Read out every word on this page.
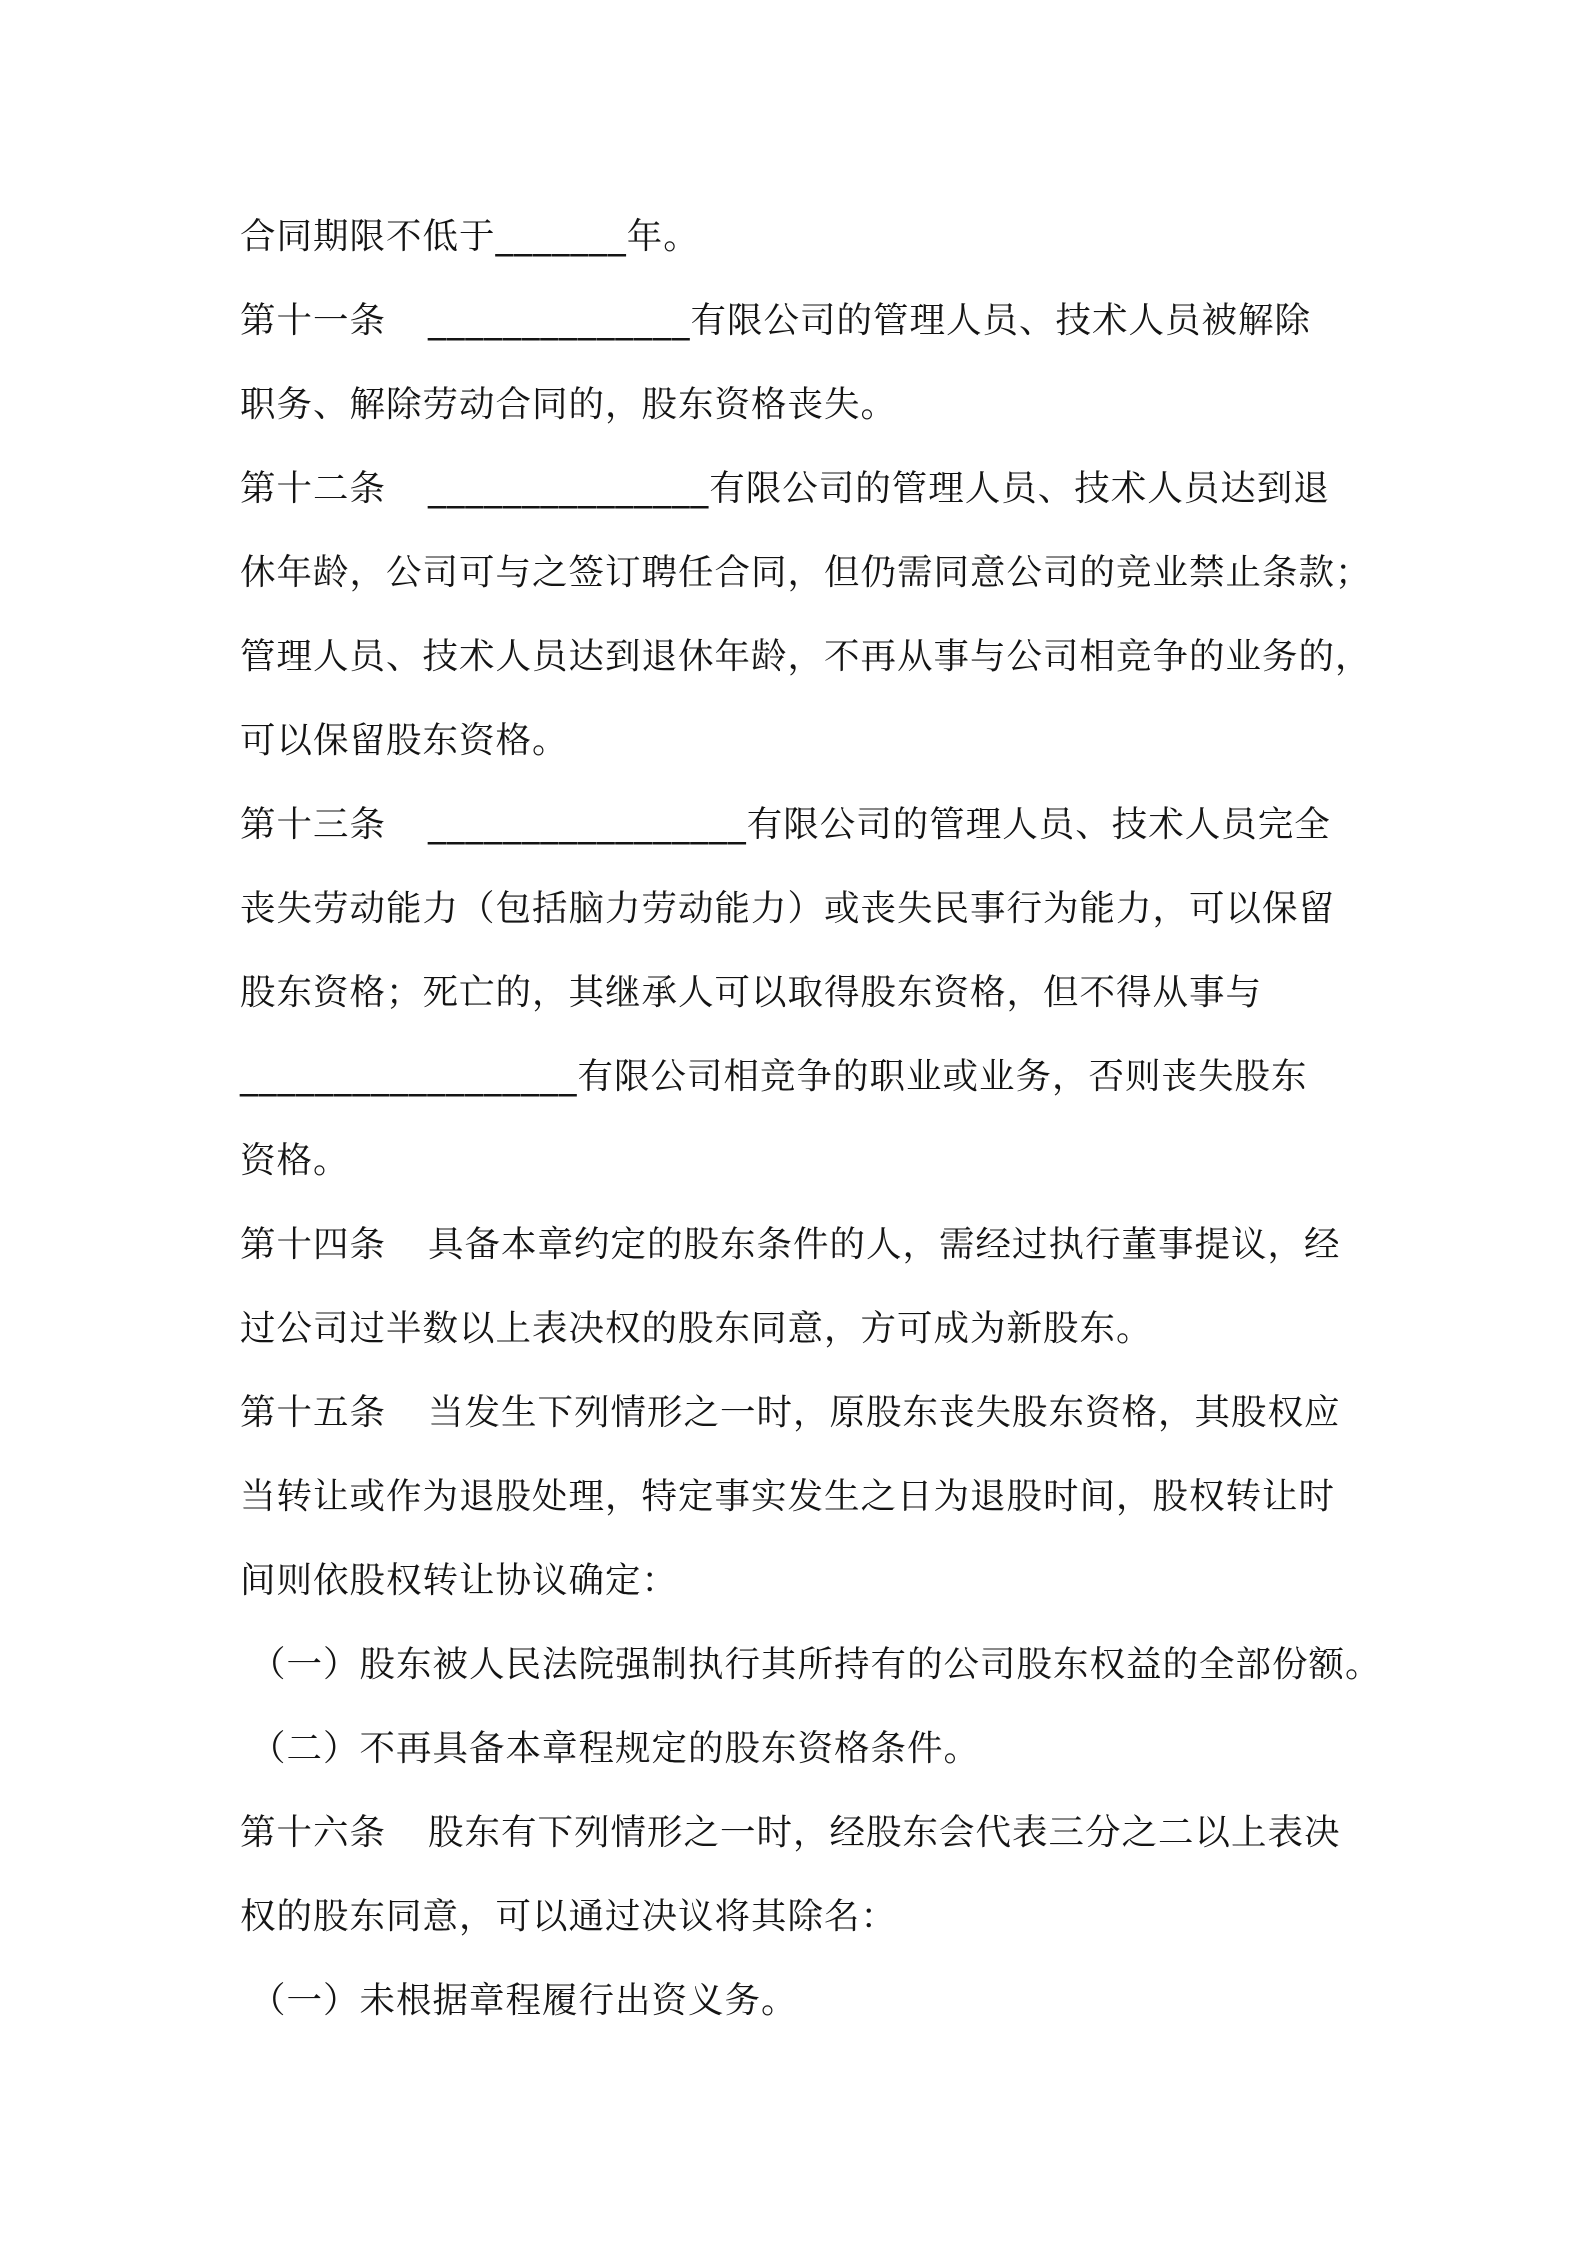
合同期限不低于_______年。
第十一条 ______________有限公司的管理人员、技术人员被解除
职务、解除劳动合同的，股东资格丧失。
第十二条 _______________有限公司的管理人员、技术人员达到退
休年龄，公司可与之签订聘任合同，但仍需同意公司的竞业禁止条款；
管理人员、技术人员达到退休年龄，不再从事与公司相竞争的业务的，
可以保留股东资格。
第十三条 _________________有限公司的管理人员、技术人员完全
丧失劳动能力（包括脑力劳动能力）或丧失民事行为能力，可以保留
股东资格；死亡的，其继承人可以取得股东资格，但不得从事与
__________________有限公司相竞争的职业或业务，否则丧失股东
资格。
第十四条 具备本章约定的股东条件的人，需经过执行董事提议，经
过公司过半数以上表决权的股东同意，方可成为新股东。
第十五条 当发生下列情形之一时，原股东丧失股东资格，其股权应
当转让或作为退股处理，特定事实发生之日为退股时间，股权转让时
间则依股权转让协议确定：
（一）股东被人民法院强制执行其所持有的公司股东权益的全部份额。
（二）不再具备本章程规定的股东资格条件。
第十六条 股东有下列情形之一时，经股东会代表三分之二以上表决
权的股东同意，可以通过决议将其除名：
（一）未根据章程履行出资义务。
